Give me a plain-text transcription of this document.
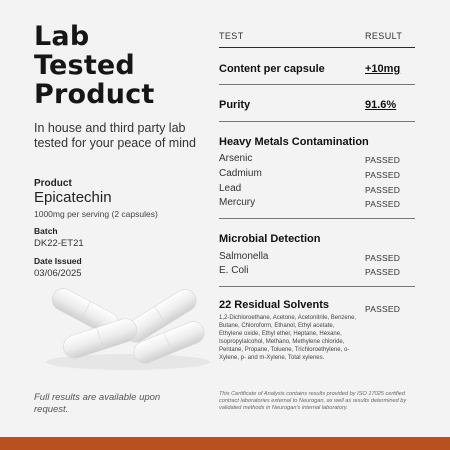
Lab
Tested
Product
In house and third party lab tested for your peace of mind
Product
Epicatechin
1000mg per serving (2 capsules)
Batch
DK22-ET21
Date Issued
03/06/2025
Full results are available upon request.
TEST	RESULT
Content per capsule	+10mg
Purity	91.6%
Heavy Metals Contamination
Arsenic	PASSED
Cadmium	PASSED
Lead	PASSED
Mercury	PASSED
Microbial Detection
Salmonella	PASSED
E. Coli	PASSED
22 Residual Solvents	PASSED
1,2-Dichloroethane, Acetone, Acetonitrile, Benzene, Butane, Chloroform, Ethanol, Ethyl acetate, Ethylene oxide, Ethyl ether, Heptane, Hexane, Isopropylalcohol, Methano, Methylene chloride, Pentane, Propane, Toluene, Trichloroethylene, o-Xylene, p- and m-Xylene, Total xylenes.
This Certificate of Analysis contains results provided by ISO 17025 certified contract laboratories external to Neurogan, as well as results determined by validated methods in Neurogan's internal laboratory.
